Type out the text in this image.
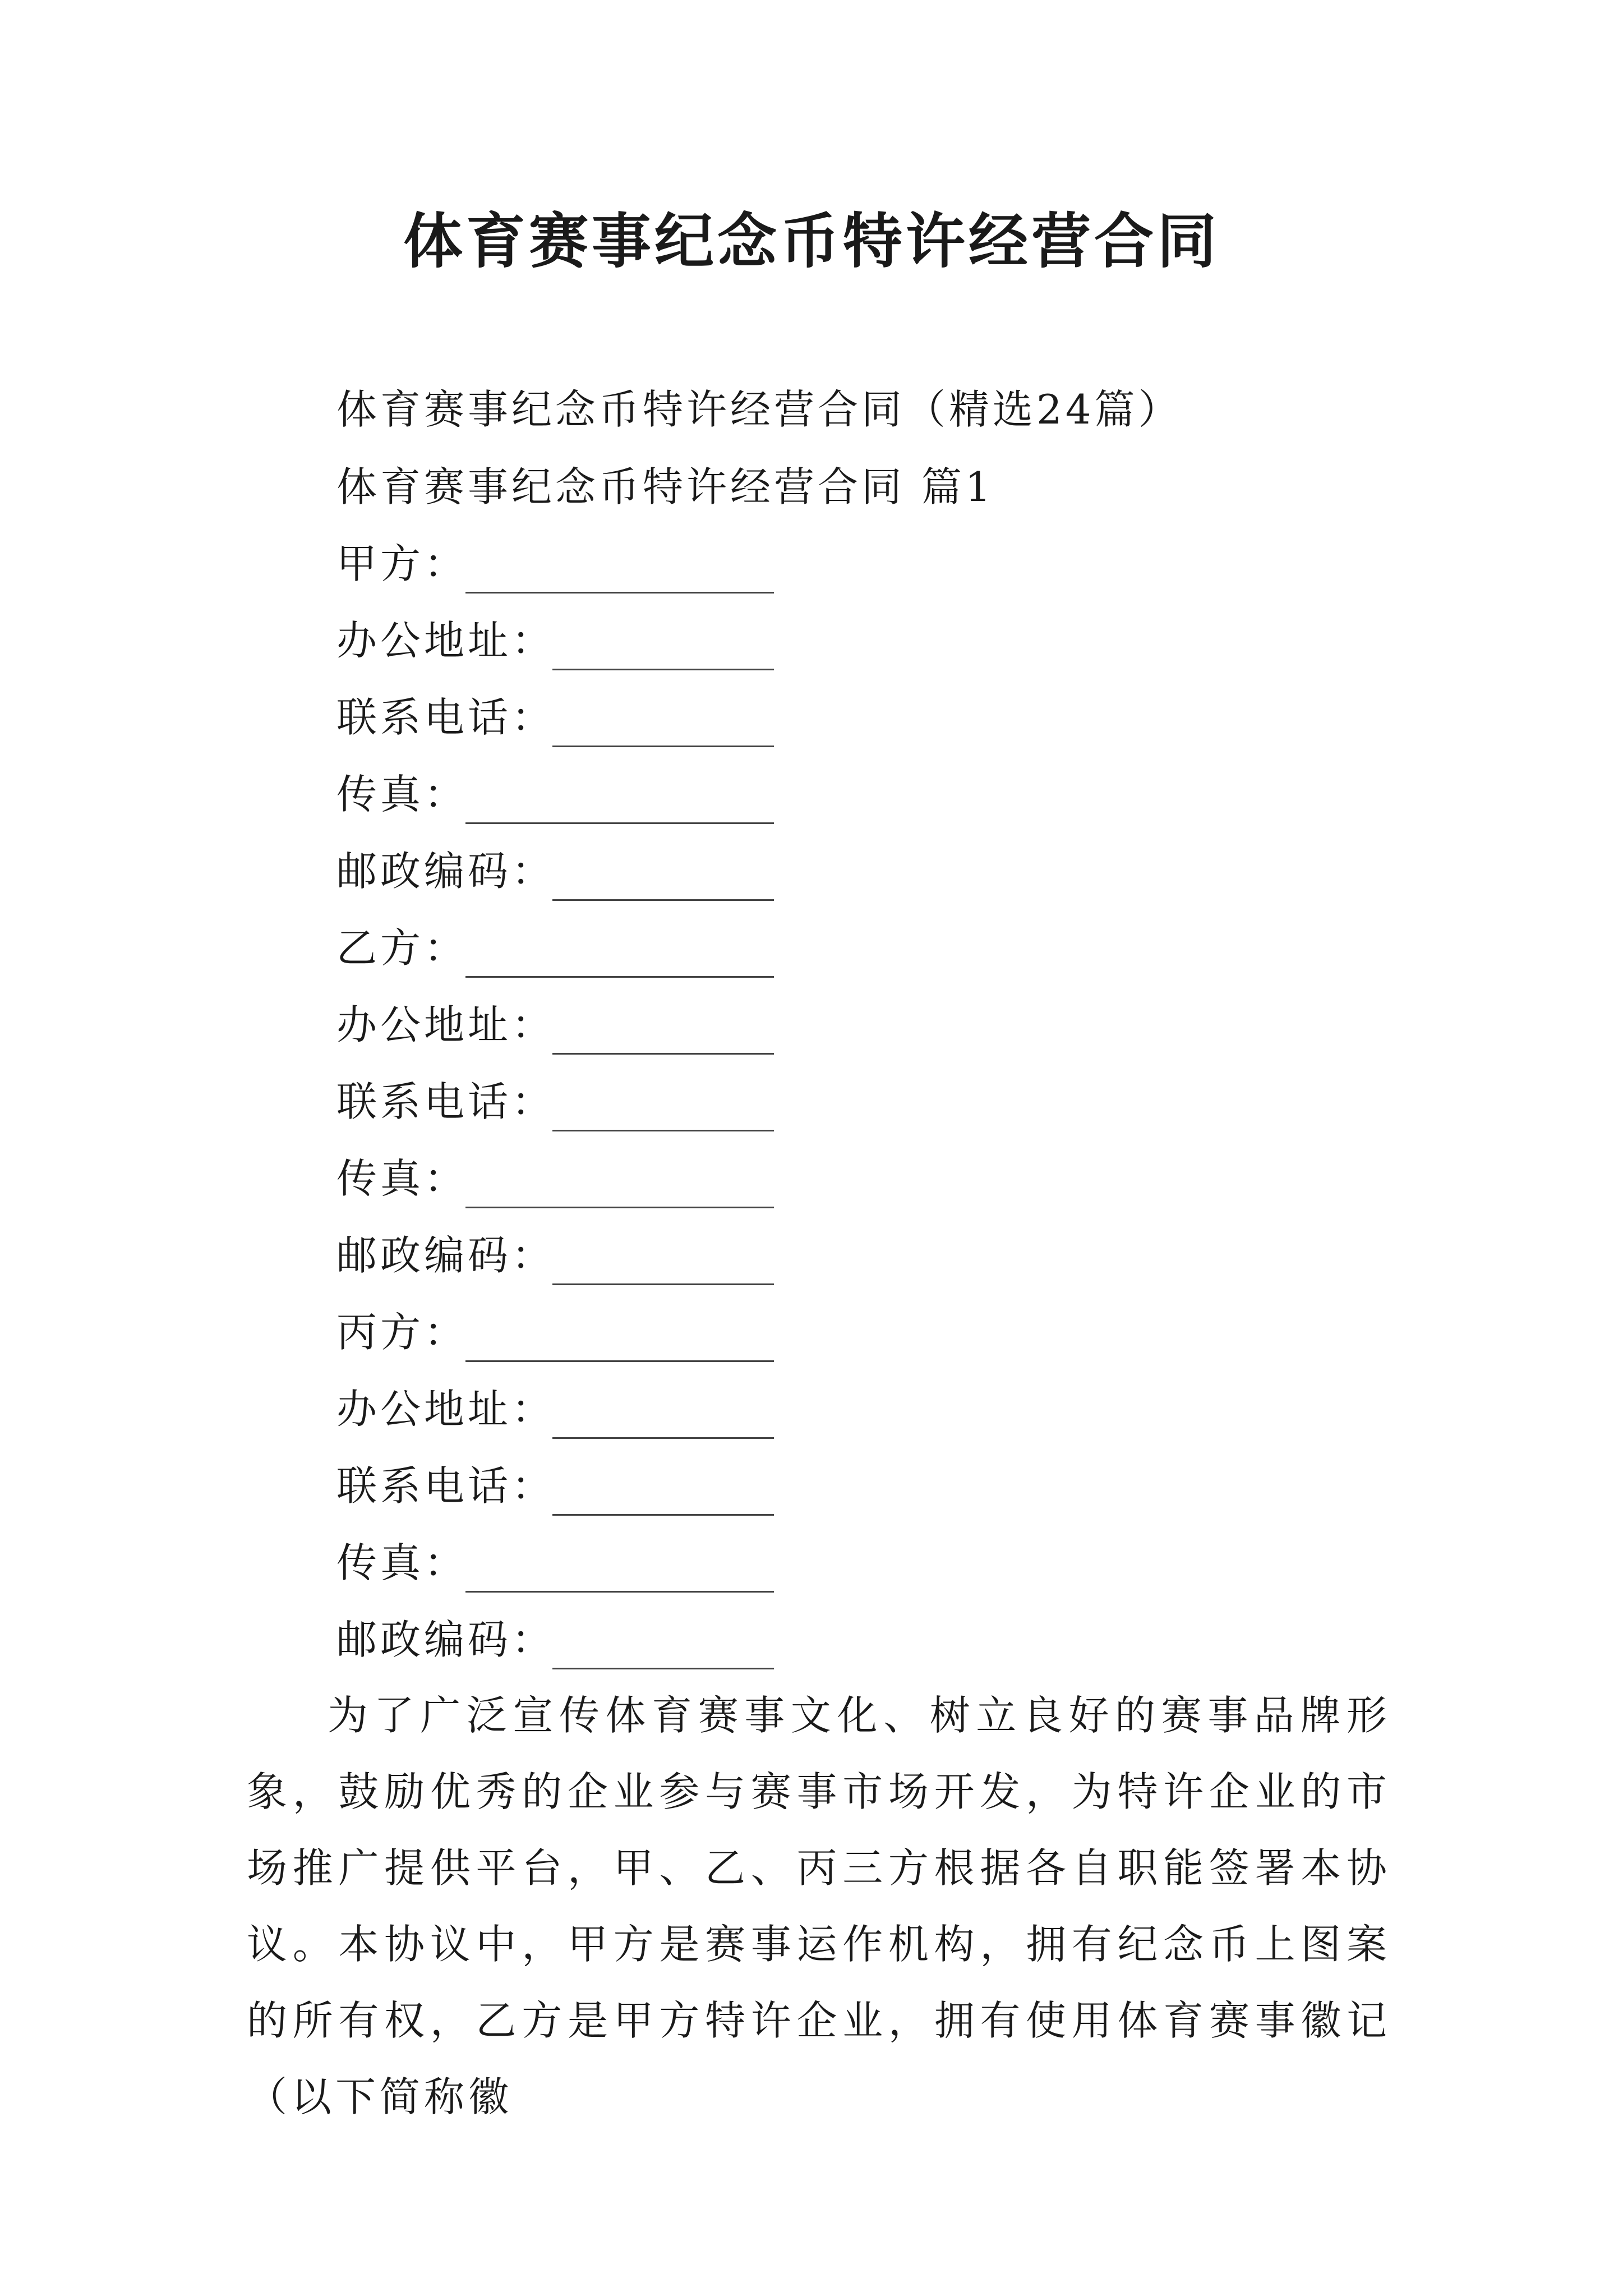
体育赛事纪念币特许经营合同
体育赛事纪念币特许经营合同（精选24篇）
体育赛事纪念币特许经营合同 篇1
甲方：
办公地址：
联系电话：
传真：
邮政编码：
乙方：
办公地址：
联系电话：
传真：
邮政编码：
丙方：
办公地址：
联系电话：
传真：
邮政编码：

为了广泛宣传体育赛事文化、树立良好的赛事品牌形象，鼓励优秀的企业参与赛事市场开发，为特许企业的市场推广提供平台，甲、乙、丙三方根据各自职能签署本协议。本协议中，甲方是赛事运作机构，拥有纪念币上图案的所有权，乙方是甲方特许企业，拥有使用体育赛事徽记（以下简称徽
